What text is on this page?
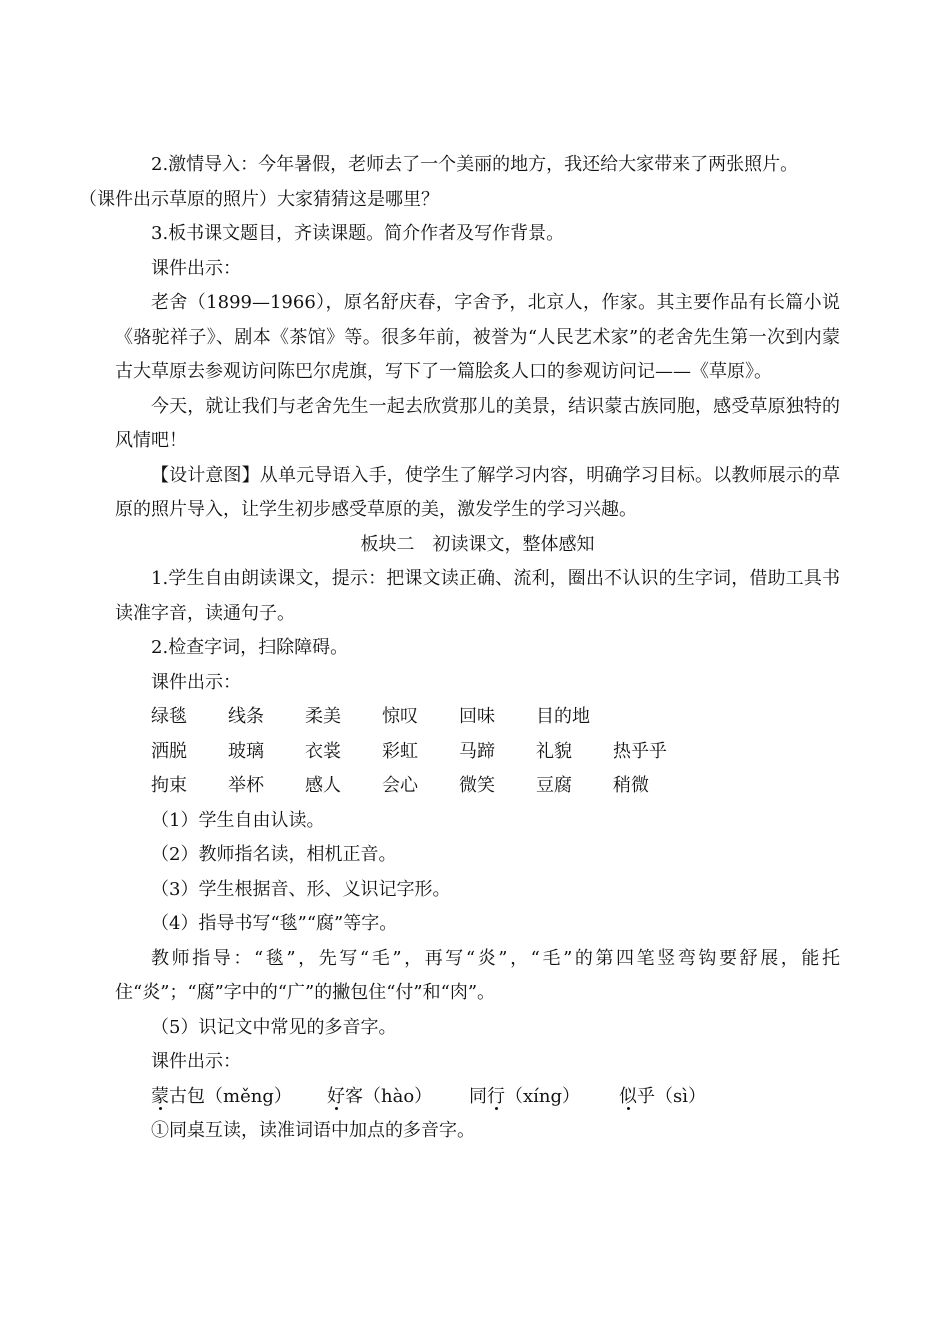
2.激情导入：今年暑假，老师去了一个美丽的地方，我还给大家带来了两张照片。
（课件出示草原的照片）大家猜猜这是哪里？

3.板书课文题目，齐读课题。简介作者及写作背景。

课件出示：

老舍（1899—1966），原名舒庆春，字舍予，北京人，作家。其主要作品有长篇小说《骆驼祥子》、剧本《茶馆》等。很多年前，被誉为“人民艺术家”的老舍先生第一次到内蒙古大草原去参观访问陈巴尔虎旗，写下了一篇脍炙人口的参观访问记——《草原》。

今天，就让我们与老舍先生一起去欣赏那儿的美景，结识蒙古族同胞，感受草原独特的风情吧！

【设计意图】从单元导语入手，使学生了解学习内容，明确学习目标。以教师展示的草原的照片导入，让学生初步感受草原的美，激发学生的学习兴趣。

板块二　初读课文，整体感知

1.学生自由朗读课文，提示：把课文读正确、流利，圈出不认识的生字词，借助工具书读准字音，读通句子。

2.检查字词，扫除障碍。

课件出示：

绿毯	线条	柔美	惊叹	回味	目的地
洒脱	玻璃	衣裳	彩虹	马蹄	礼貌	热乎乎
拘束	举杯	感人	会心	微笑	豆腐	稍微

（1）学生自由认读。

（2）教师指名读，相机正音。

（3）学生根据音、形、义识记字形。

（4）指导书写“毯”“腐”等字。

教师指导：“毯”，先写“毛”，再写“炎”，“毛”的第四笔竖弯钩要舒展，能托住“炎”；“腐”字中的“广”的撇包住“付”和“肉”。

（5）识记文中常见的多音字。

课件出示：

蒙古包（měng）	好客（hào）	同行（xíng）	似乎（sì）

①同桌互读，读准词语中加点的多音字。
